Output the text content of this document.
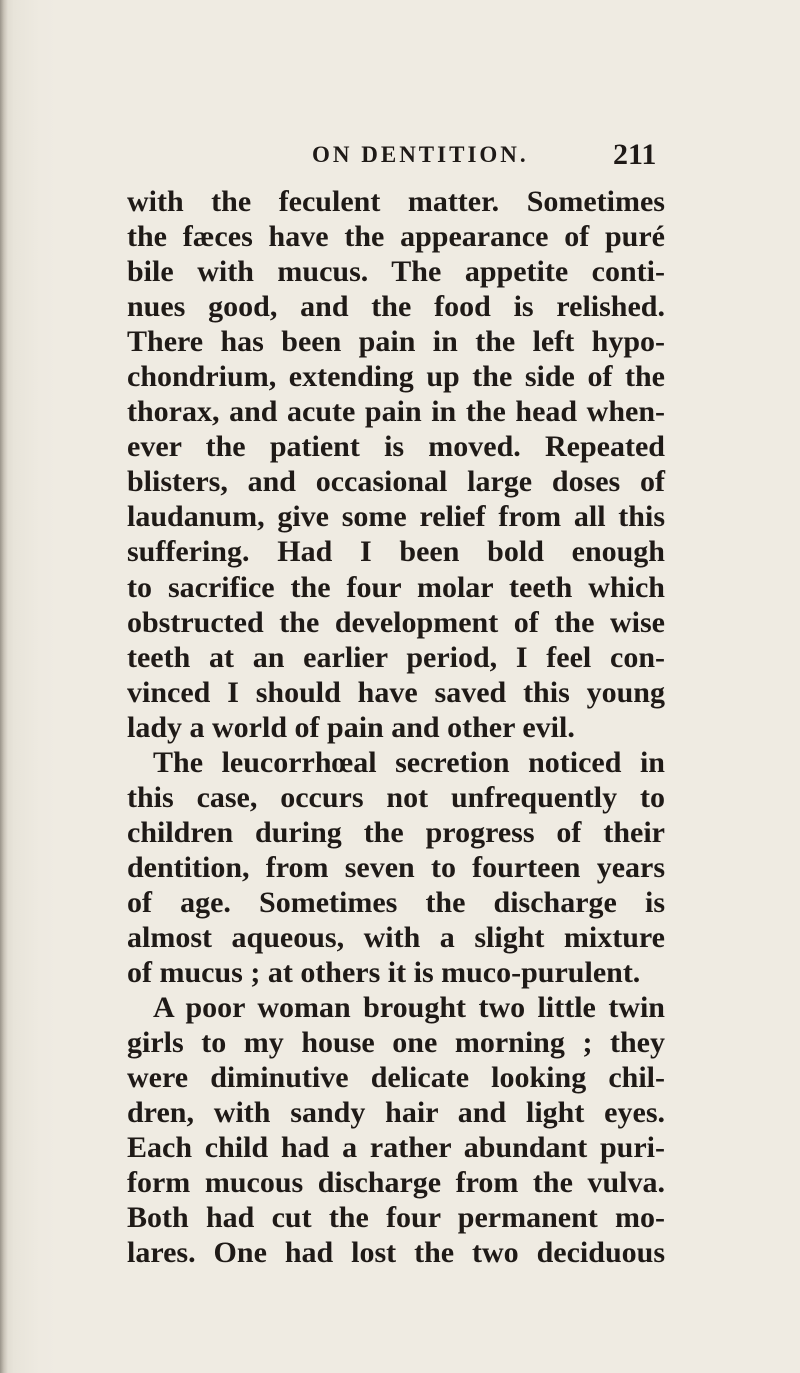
ON DENTITION.	211
with the feculent matter. Sometimes
the fæces have the appearance of puré
bile with mucus. The appetite conti-
nues good, and the food is relished.
There has been pain in the left hypo-
chondrium, extending up the side of the
thorax, and acute pain in the head when-
ever the patient is moved. Repeated
blisters, and occasional large doses of
laudanum, give some relief from all this
suffering. Had I been bold enough
to sacrifice the four molar teeth which
obstructed the development of the wise
teeth at an earlier period, I feel con-
vinced I should have saved this young
lady a world of pain and other evil.
The leucorrhœal secretion noticed in
this case, occurs not unfrequently to
children during the progress of their
dentition, from seven to fourteen years
of age. Sometimes the discharge is
almost aqueous, with a slight mixture
of mucus ; at others it is muco-purulent.
A poor woman brought two little twin
girls to my house one morning ; they
were diminutive delicate looking chil-
dren, with sandy hair and light eyes.
Each child had a rather abundant puri-
form mucous discharge from the vulva.
Both had cut the four permanent mo-
lares. One had lost the two deciduous
